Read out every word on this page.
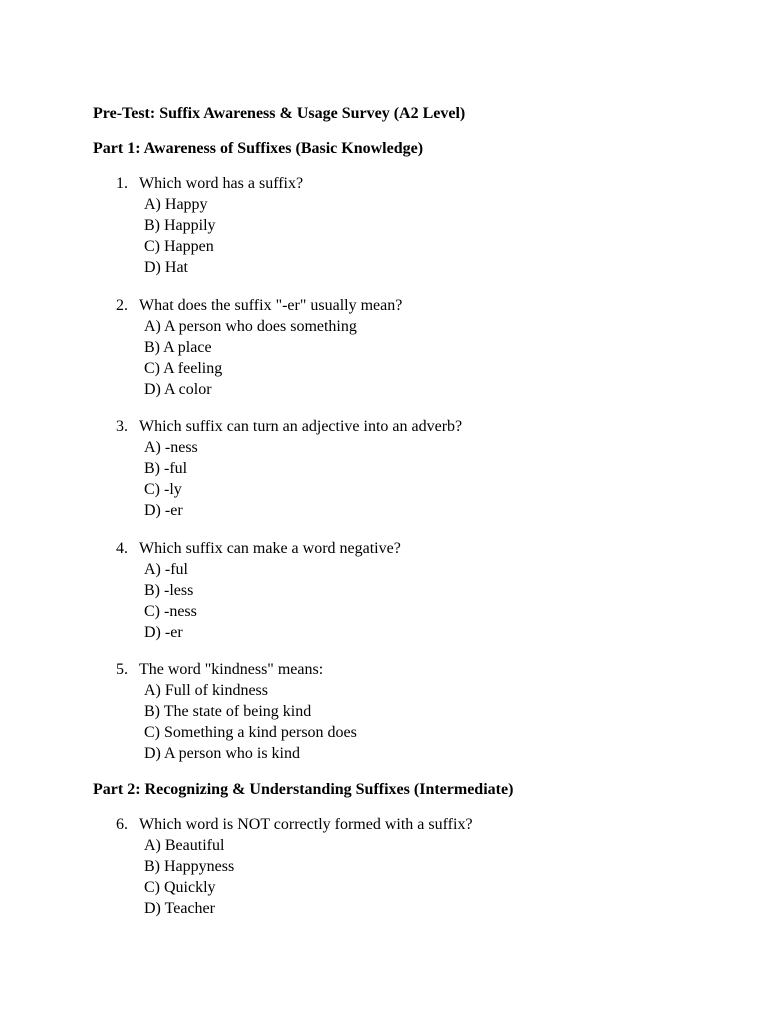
Pre-Test: Suffix Awareness & Usage Survey (A2 Level)
Part 1: Awareness of Suffixes (Basic Knowledge)
1. Which word has a suffix?
A) Happy
B) Happily
C) Happen
D) Hat
2. What does the suffix "-er" usually mean?
A) A person who does something
B) A place
C) A feeling
D) A color
3. Which suffix can turn an adjective into an adverb?
A) -ness
B) -ful
C) -ly
D) -er
4. Which suffix can make a word negative?
A) -ful
B) -less
C) -ness
D) -er
5. The word "kindness" means:
A) Full of kindness
B) The state of being kind
C) Something a kind person does
D) A person who is kind
Part 2: Recognizing & Understanding Suffixes (Intermediate)
6. Which word is NOT correctly formed with a suffix?
A) Beautiful
B) Happyness
C) Quickly
D) Teacher
